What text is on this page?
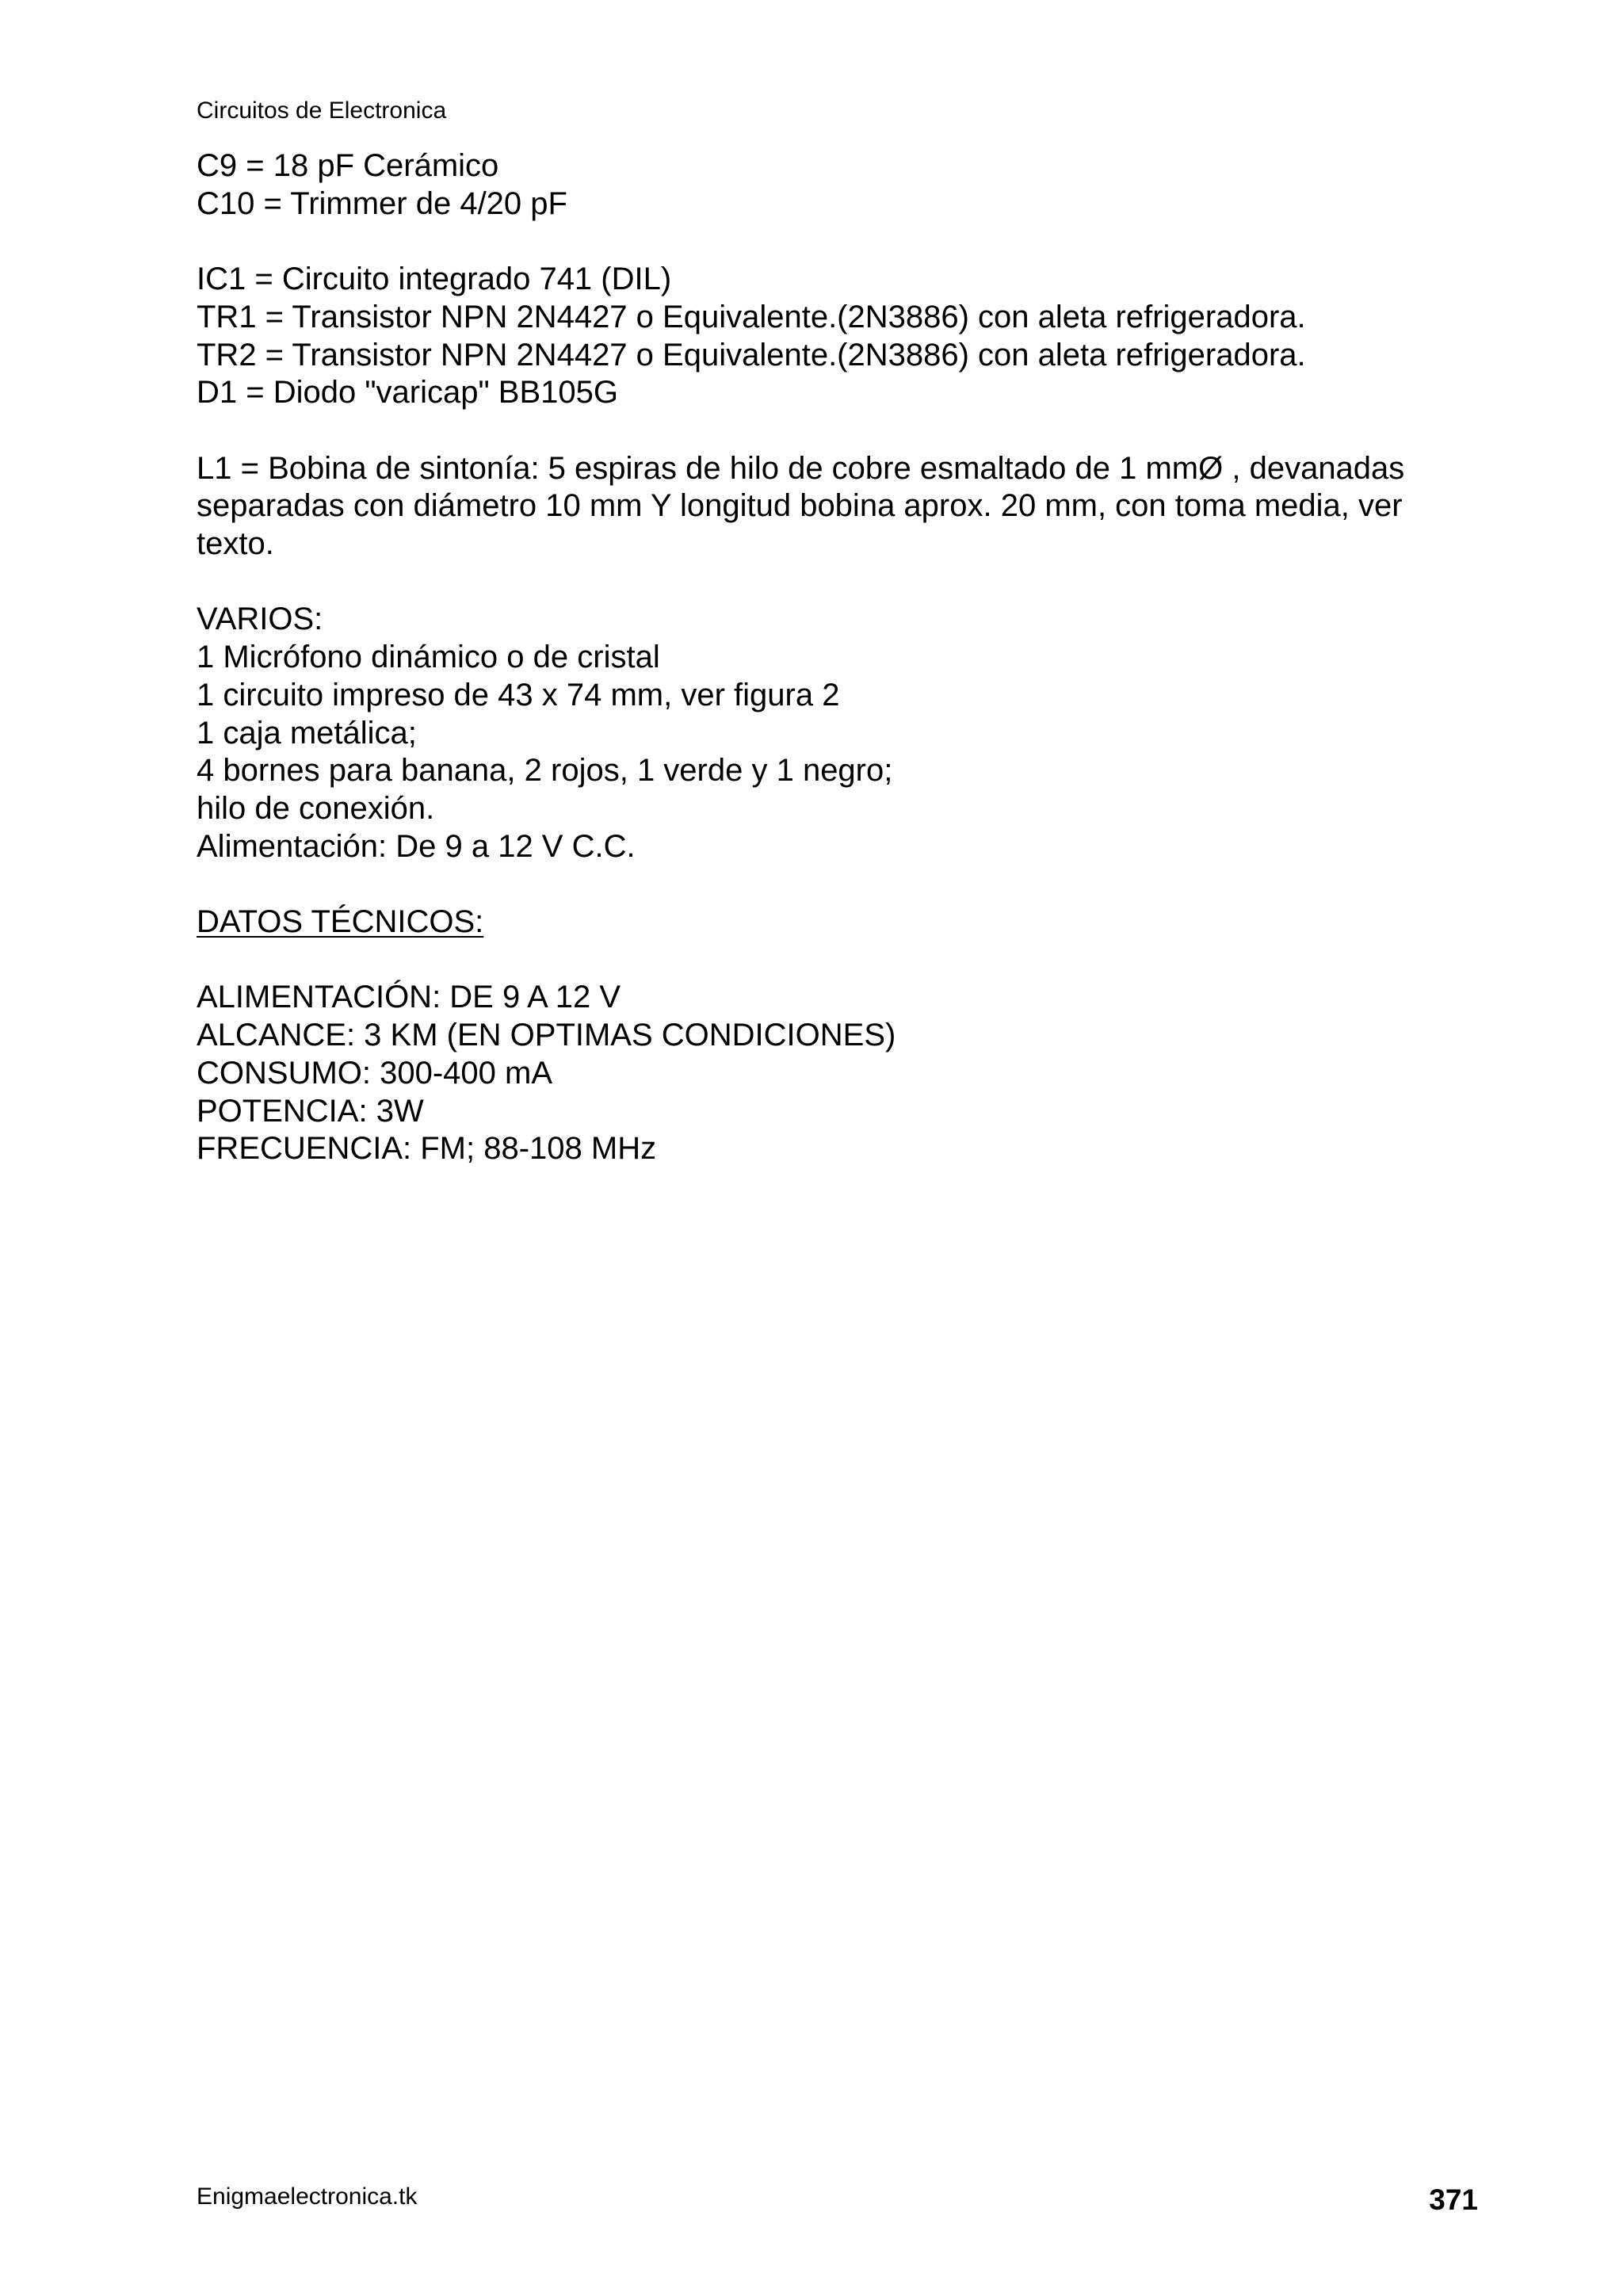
Circuitos de Electronica
C9 = 18 pF Cerámico
C10 = Trimmer de 4/20 pF
IC1 = Circuito integrado 741 (DIL)
TR1 = Transistor NPN 2N4427 o Equivalente.(2N3886) con aleta refrigeradora.
TR2 = Transistor NPN 2N4427 o Equivalente.(2N3886) con aleta refrigeradora.
D1 = Diodo "varicap" BB105G
L1 = Bobina de sintonía: 5 espiras de hilo de cobre esmaltado de 1 mmØ , devanadas separadas con diámetro 10 mm Y longitud bobina aprox. 20 mm, con toma media, ver texto.
VARIOS:
1 Micrófono dinámico o de cristal
1 circuito impreso de 43 x 74 mm, ver figura 2
1 caja metálica;
4 bornes para banana, 2 rojos, 1 verde y 1 negro;
hilo de conexión.
Alimentación: De 9 a 12 V C.C.
DATOS TÉCNICOS:
ALIMENTACIÓN: DE 9 A 12 V
ALCANCE: 3 KM (EN OPTIMAS CONDICIONES)
CONSUMO: 300-400 mA
POTENCIA: 3W
FRECUENCIA: FM; 88-108 MHz
Enigmaelectronica.tk	371
